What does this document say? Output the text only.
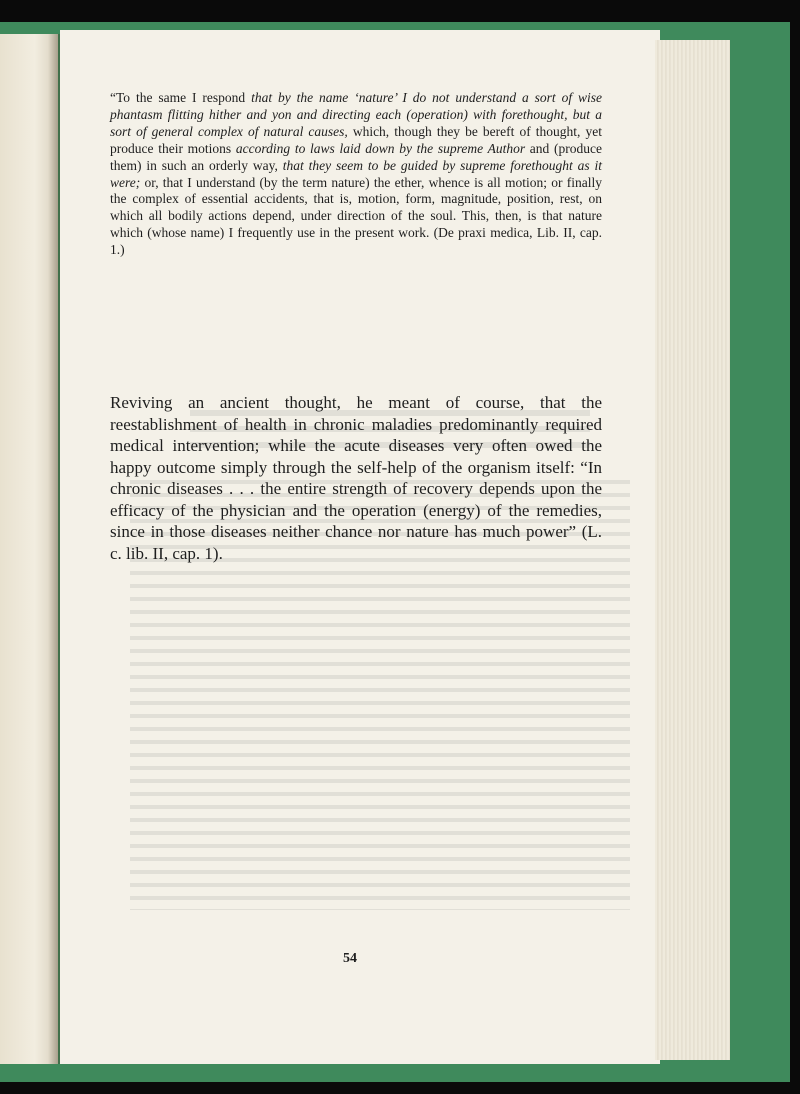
“To the same I respond that by the name ‘nature’ I do not understand a sort of wise phantasm flitting hither and yon and directing each (operation) with forethought, but a sort of general complex of natural causes, which, though they be bereft of thought, yet produce their motions according to laws laid down by the supreme Author and (produce them) in such an orderly way, that they seem to be guided by supreme forethought as it were; or, that I understand (by the term nature) the ether, whence is all motion; or finally the complex of essential accidents, that is, motion, form, magnitude, position, rest, on which all bodily actions depend, under direction of the soul. This, then, is that nature which (whose name) I frequently use in the present work. (De praxi medica, Lib. II, cap. 1.)

Reviving an ancient thought, he meant of course, that the reestablishment of health in chronic maladies predominantly required medical intervention; while the acute diseases very often owed the happy outcome simply through the self-help of the organism itself: “In chronic diseases . . . the entire strength of recovery depends upon the efficacy of the physician and the operation (energy) of the remedies, since in those diseases neither chance nor nature has much power” (L. c. lib. II, cap. 1).

54
